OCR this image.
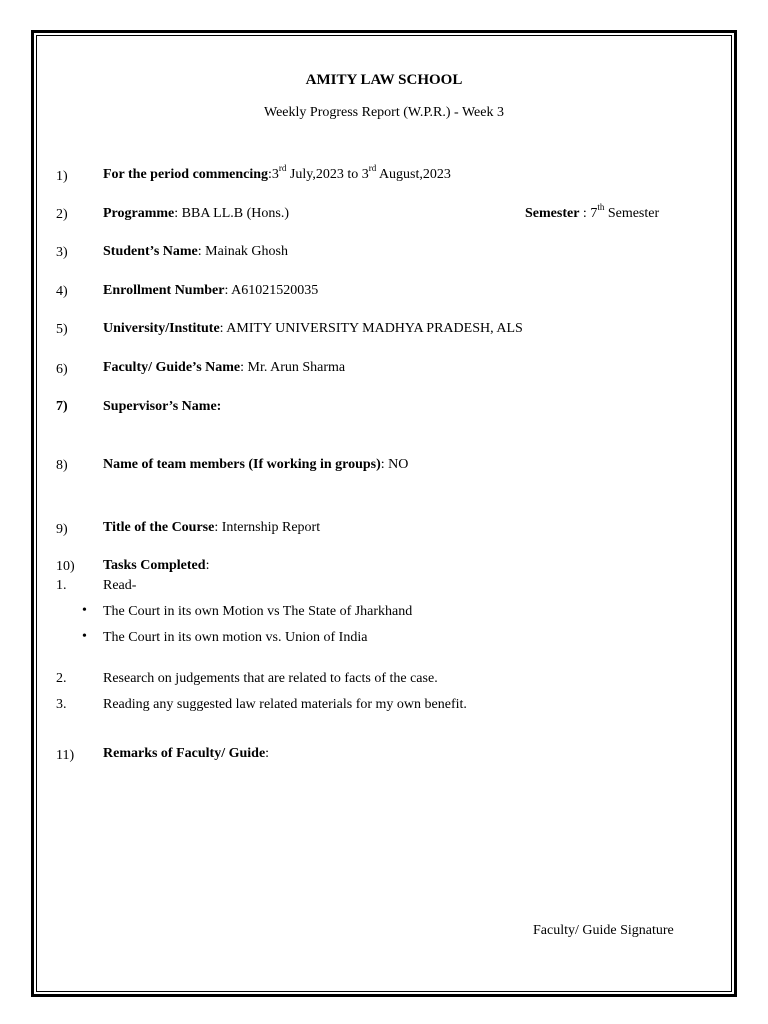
AMITY LAW SCHOOL
Weekly Progress Report (W.P.R.) - Week 3
1)	For the period commencing:3rd July,2023 to 3rd August,2023
2)	Programme: BBA LL.B (Hons.)	Semester : 7th Semester
3)	Student’s Name: Mainak Ghosh
4)	Enrollment Number: A61021520035
5)	University/Institute: AMITY UNIVERSITY MADHYA PRADESH, ALS
6)	Faculty/ Guide’s Name: Mr. Arun Sharma
7)	Supervisor’s Name:
8)	Name of team members (If working in groups): NO
9)	Title of the Course: Internship Report
10) Tasks Completed:
1.	Read-
• The Court in its own Motion vs The State of Jharkhand
• The Court in its own motion vs. Union of India
2.	Research on judgements that are related to facts of the case.
3.	Reading any suggested law related materials for my own benefit.
11) Remarks of Faculty/ Guide:
Faculty/ Guide Signature
